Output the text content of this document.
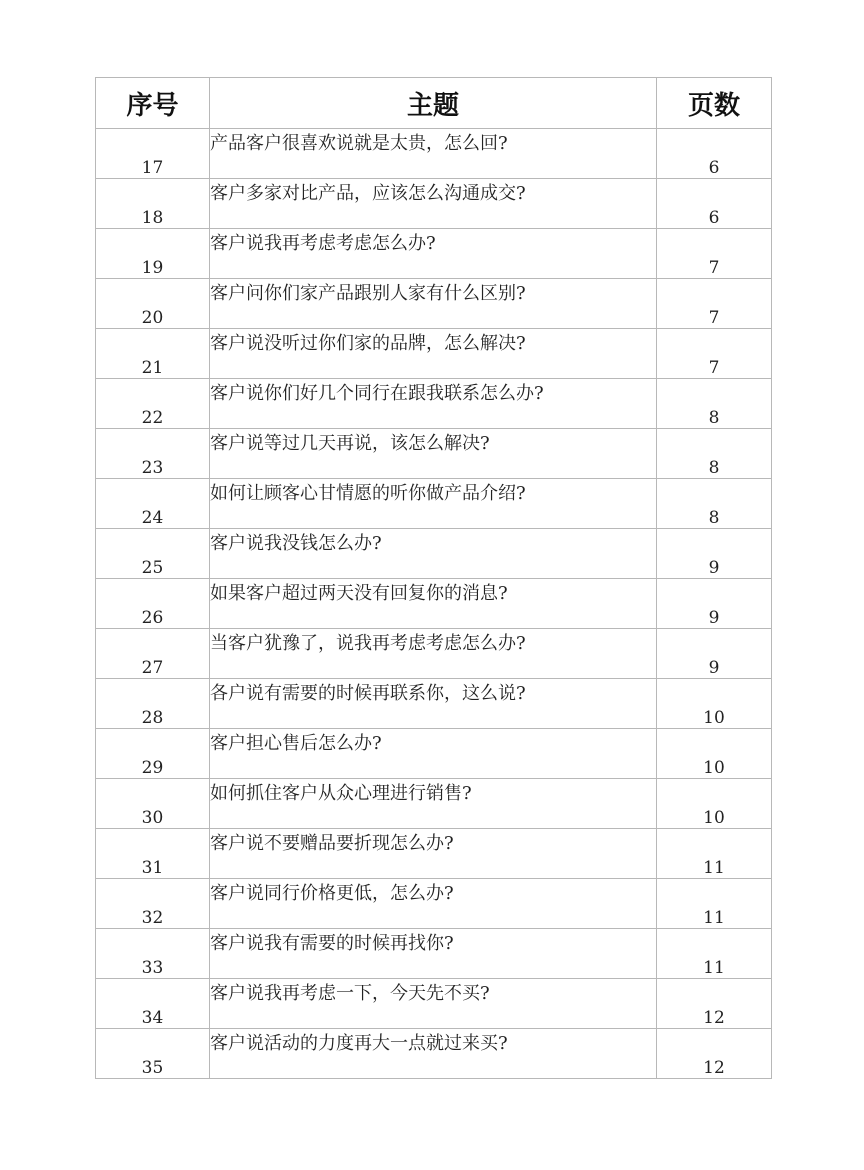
序号	主题	页数
17	产品客户很喜欢说就是太贵，怎么回?	6
18	客户多家对比产品，应该怎么沟通成交?	6
19	客户说我再考虑考虑怎么办?	7
20	客户问你们家产品跟别人家有什么区别?	7
21	客户说没听过你们家的品牌，怎么解决?	7
22	客户说你们好几个同行在跟我联系怎么办?	8
23	客户说等过几天再说，该怎么解决?	8
24	如何让顾客心甘情愿的听你做产品介绍?	8
25	客户说我没钱怎么办?	9
26	如果客户超过两天没有回复你的消息?	9
27	当客户犹豫了，说我再考虑考虑怎么办?	9
28	各户说有需要的时候再联系你，这么说?	10
29	客户担心售后怎么办?	10
30	如何抓住客户从众心理进行销售?	10
31	客户说不要赠品要折现怎么办?	11
32	客户说同行价格更低，怎么办?	11
33	客户说我有需要的时候再找你?	11
34	客户说我再考虑一下，今天先不买?	12
35	客户说活动的力度再大一点就过来买?	12
